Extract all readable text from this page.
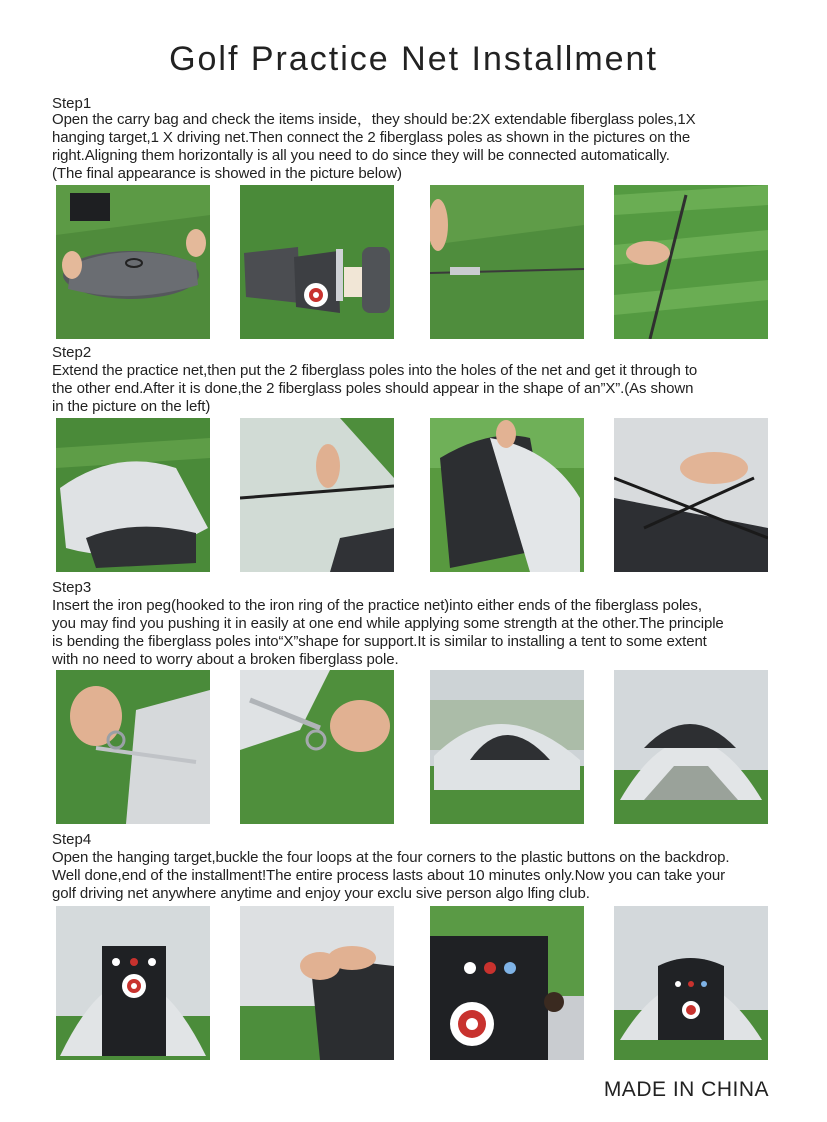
Golf Practice Net Installment
Step1
Open the carry bag and check the items inside，they should be:2X extendable fiberglass poles,1X
hanging target,1 X driving net.Then connect the 2 fiberglass poles as shown in the pictures on the
right.Aligning them horizontally is all you need to do since they will be connected automatically.
(The final appearance is showed in the picture below)
Step2
Extend the practice net,then put the 2 fiberglass poles into the holes of the net and get it through to
the other end.After it is done,the 2 fiberglass poles should appear in the shape of an”X”.(As shown
in the picture on the left)
Step3
Insert the iron peg(hooked to the iron ring of the practice net)into either ends of the fiberglass poles,
you may find you pushing it in easily at one end while applying some strength at the other.The principle
is bending the fiberglass poles into“X”shape for support.It is similar to installing a tent to some extent
with no need to worry about a broken fiberglass pole.
Step4
Open the hanging target,buckle the four loops at the four corners to the plastic buttons on the backdrop.
Well done,end of the installment!The entire process lasts about 10 minutes only.Now you can take your
golf driving net anywhere anytime and enjoy your exclu sive person algo lfing club.
MADE IN CHINA
